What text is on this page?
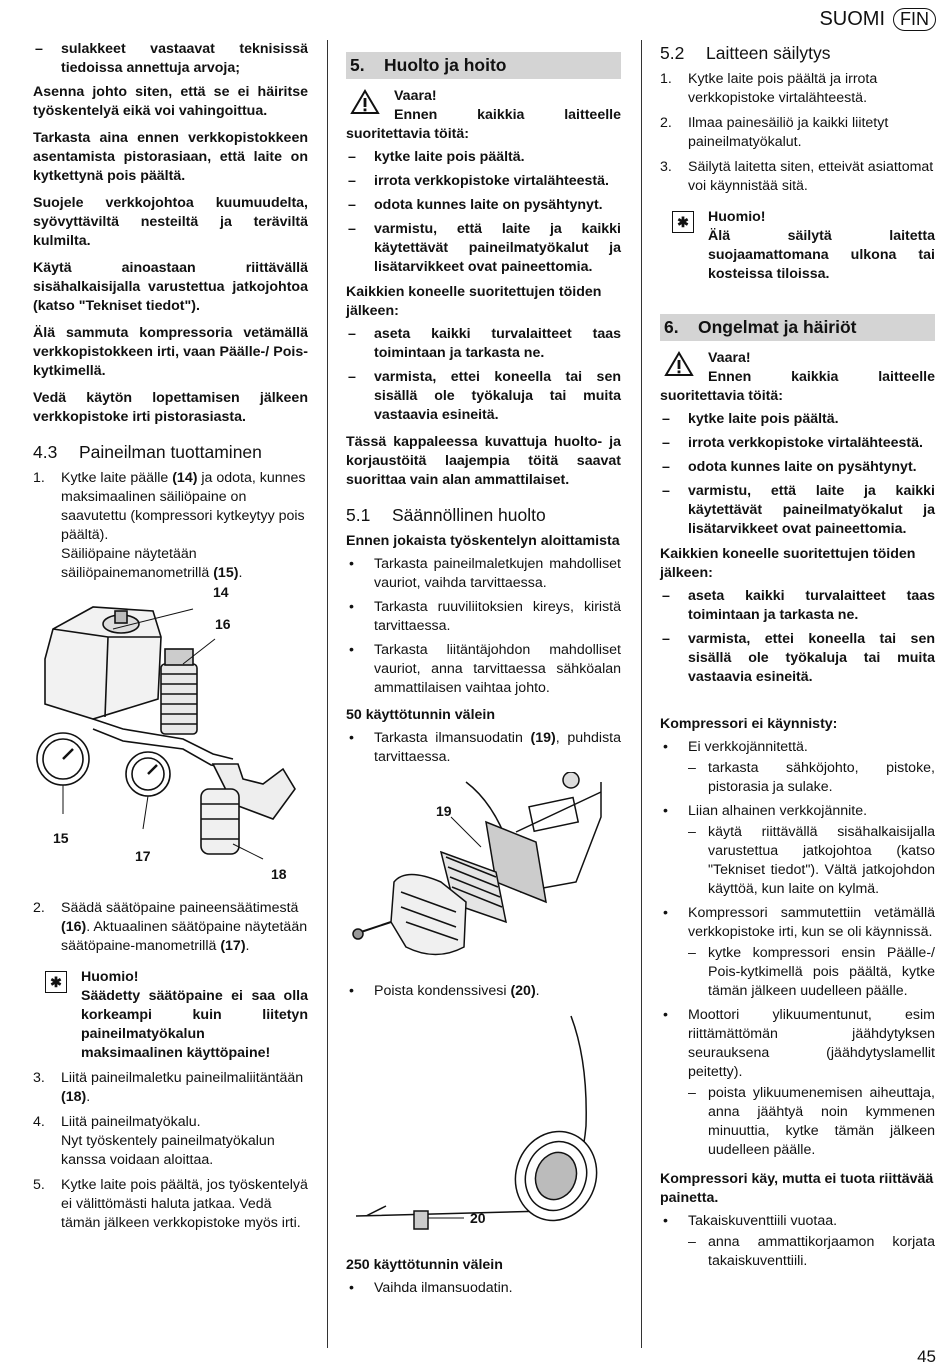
SUOMI FIN
– sulakkeet vastaavat teknisissä tiedoissa annettuja arvoja;

Asenna johto siten, että se ei häiritse työskentelyä eikä voi vahingoittua.

Tarkasta aina ennen verkkopistokkeen asentamista pistorasiaan, että laite on kytkettynä pois päältä.

Suojele verkkojohtoa kuumuudelta, syövyttäviltä nesteiltä ja teräviltä kulmilta.

Käytä ainoastaan riittävällä sisähalkaisijalla varustettua jatkojohtoa (katso "Tekniset tiedot").

Älä sammuta kompressoria vetämällä verkkopistokkeen irti, vaan Päälle-/ Pois-kytkimellä.

Vedä käytön lopettamisen jälkeen verkkopistoke irti pistorasiasta.

4.3 Paineilman tuottaminen
1. Kytke laite päälle (14) ja odota, kunnes maksimaalinen säiliöpaine on saavutettu (kompressori kytkeytyy pois päältä).
Säiliöpaine näytetään säiliöpainemanometrillä (15).
14
16
15
17
18
2. Säädä säätöpaine paineensäätimestä (16). Aktuaalinen säätöpaine näytetään säätöpaine-manometrillä (17).
✱	Huomio!
Säädetty säätöpaine ei saa olla korkeampi kuin liitetyn paineilmatyökalun maksimaalinen käyttöpaine!
3. Liitä paineilmaletku paineilmaliitäntään (18).
4. Liitä paineilmatyökalu.
Nyt työskentely paineilmatyökalun kanssa voidaan aloittaa.
5. Kytke laite pois päältä, jos työskentelyä ei välittömästi haluta jatkaa. Vedä tämän jälkeen verkkopistoke myös irti.
5. Huolto ja hoito
Vaara!
Ennen kaikkia laitteelle suoritettavia töitä:
– kytke laite pois päältä.
– irrota verkkopistoke virtalähteestä.
– odota kunnes laite on pysähtynyt.
– varmistu, että laite ja kaikki käytettävät paineilmatyökalut ja lisätarvikkeet ovat paineettomia.

Kaikkien koneelle suoritettujen töiden jälkeen:

– aseta kaikki turvalaitteet taas toimintaan ja tarkasta ne.
– varmista, ettei koneella tai sen sisällä ole työkaluja tai muita vastaavia esineitä.

Tässä kappaleessa kuvattuja huolto- ja korjaustöitä laajempia töitä saavat suorittaa vain alan ammattilaiset.

5.1 Säännöllinen huolto

Ennen jokaista työskentelyn aloittamista

• Tarkasta paineilmaletkujen mahdolliset vauriot, vaihda tarvittaessa.
• Tarkasta ruuviliitoksien kireys, kiristä tarvittaessa.
• Tarkasta liitäntäjohdon mahdolliset vauriot, anna tarvittaessa sähköalan ammattilaisen vaihtaa johto.

50 käyttötunnin välein

• Tarkasta ilmansuodatin (19), puhdista tarvittaessa.
19
• Poista kondenssivesi (20).
20

250 käyttötunnin välein

• Vaihda ilmansuodatin.
5.2 Laitteen säilytys
1. Kytke laite pois päältä ja irrota verkkopistoke virtalähteestä.
2. Ilmaa painesäiliö ja kaikki liitetyt paineilmatyökalut.
3. Säilytä laitetta siten, etteivät asiattomat voi käynnistää sitä.
✱	Huomio!
Älä säilytä laitetta suojaamattomana ulkona tai kosteissa tiloissa.
6. Ongelmat ja häiriöt
Vaara!
Ennen kaikkia laitteelle suoritettavia töitä:
– kytke laite pois päältä.
– irrota verkkopistoke virtalähteestä.
– odota kunnes laite on pysähtynyt.
– varmistu, että laite ja kaikki käytettävät paineilmatyökalut ja lisätarvikkeet ovat paineettomia.

Kaikkien koneelle suoritettujen töiden jälkeen:

– aseta kaikki turvalaitteet taas toimintaan ja tarkasta ne.
– varmista, ettei koneella tai sen sisällä ole työkaluja tai muita vastaavia esineitä.

Kompressori ei käynnisty:

• Ei verkkojännitettä.
– tarkasta sähköjohto, pistoke, pistorasia ja sulake.
• Liian alhainen verkkojännite.
– käytä riittävällä sisähalkaisijalla varustettua jatkojohtoa (katso "Tekniset tiedot"). Vältä jatkojohdon käyttöä, kun laite on kylmä.
• Kompressori sammutettiin vetämällä verkkopistoke irti, kun se oli käynnissä.
– kytke kompressori ensin Päälle-/ Pois-kytkimellä pois päältä, kytke tämän jälkeen uudelleen päälle.
• Moottori ylikuumentunut, esim riittämättömän jäähdytyksen seurauksena (jäähdytyslamellit peitetty).
– poista ylikuumenemisen aiheuttaja, anna jäähtyä noin kymmenen minuuttia, kytke tämän jälkeen uudelleen päälle.

Kompressori käy, mutta ei tuota riittävää painetta.

• Takaiskuventtiili vuotaa.
– anna ammattikorjaamon korjata takaiskuventtiili.
45
